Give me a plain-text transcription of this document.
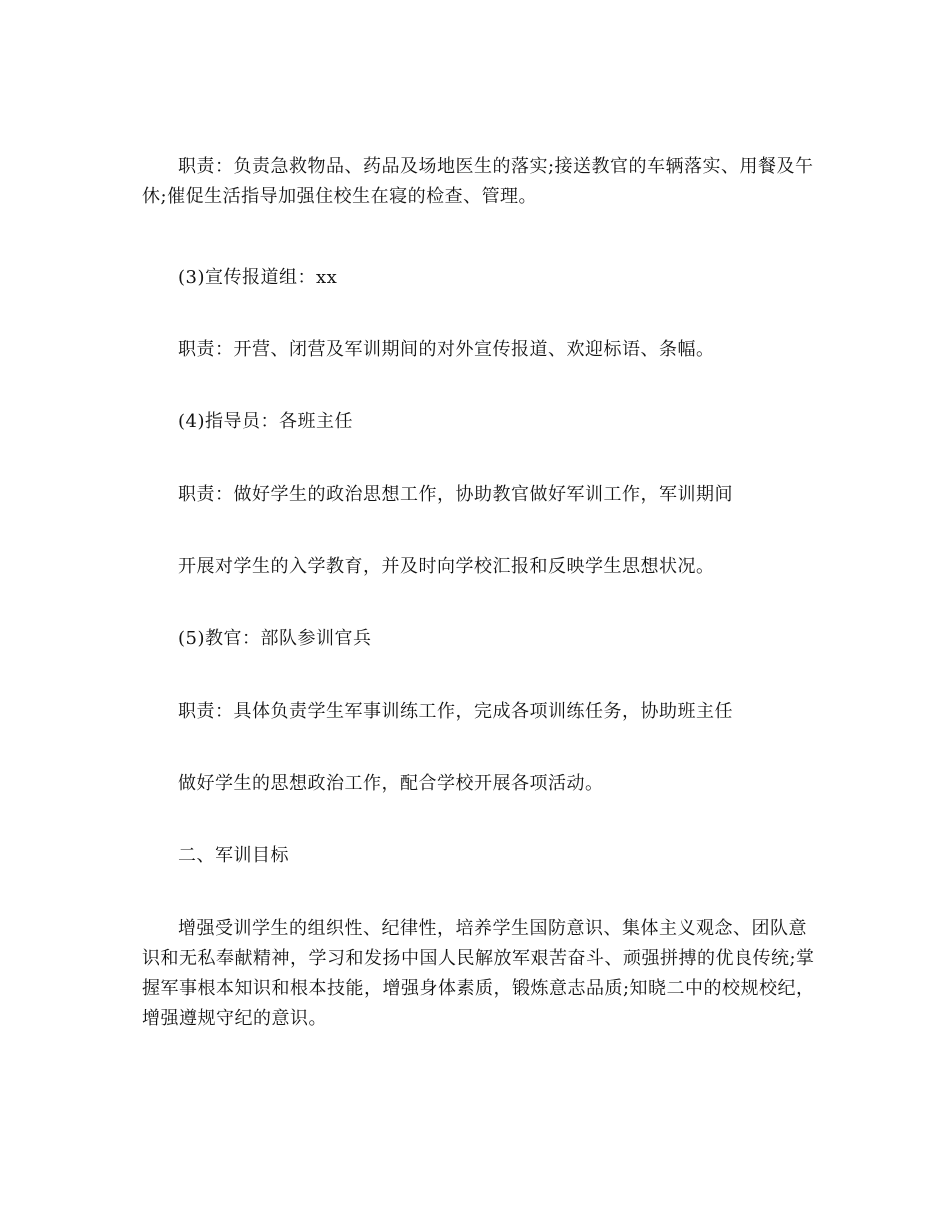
职责：负责急救物品、药品及场地医生的落实;接送教官的车辆落实、用餐及午休;催促生活指导加强住校生在寝的检查、管理。

(3)宣传报道组：xx

职责：开营、闭营及军训期间的对外宣传报道、欢迎标语、条幅。

(4)指导员：各班主任

职责：做好学生的政治思想工作，协助教官做好军训工作，军训期间

开展对学生的入学教育，并及时向学校汇报和反映学生思想状况。

(5)教官：部队参训官兵

职责：具体负责学生军事训练工作，完成各项训练任务，协助班主任

做好学生的思想政治工作，配合学校开展各项活动。

二、军训目标

增强受训学生的组织性、纪律性，培养学生国防意识、集体主义观念、团队意识和无私奉献精神，学习和发扬中国人民解放军艰苦奋斗、顽强拼搏的优良传统;掌握军事根本知识和根本技能，增强身体素质，锻炼意志品质;知晓二中的校规校纪，增强遵规守纪的意识。
